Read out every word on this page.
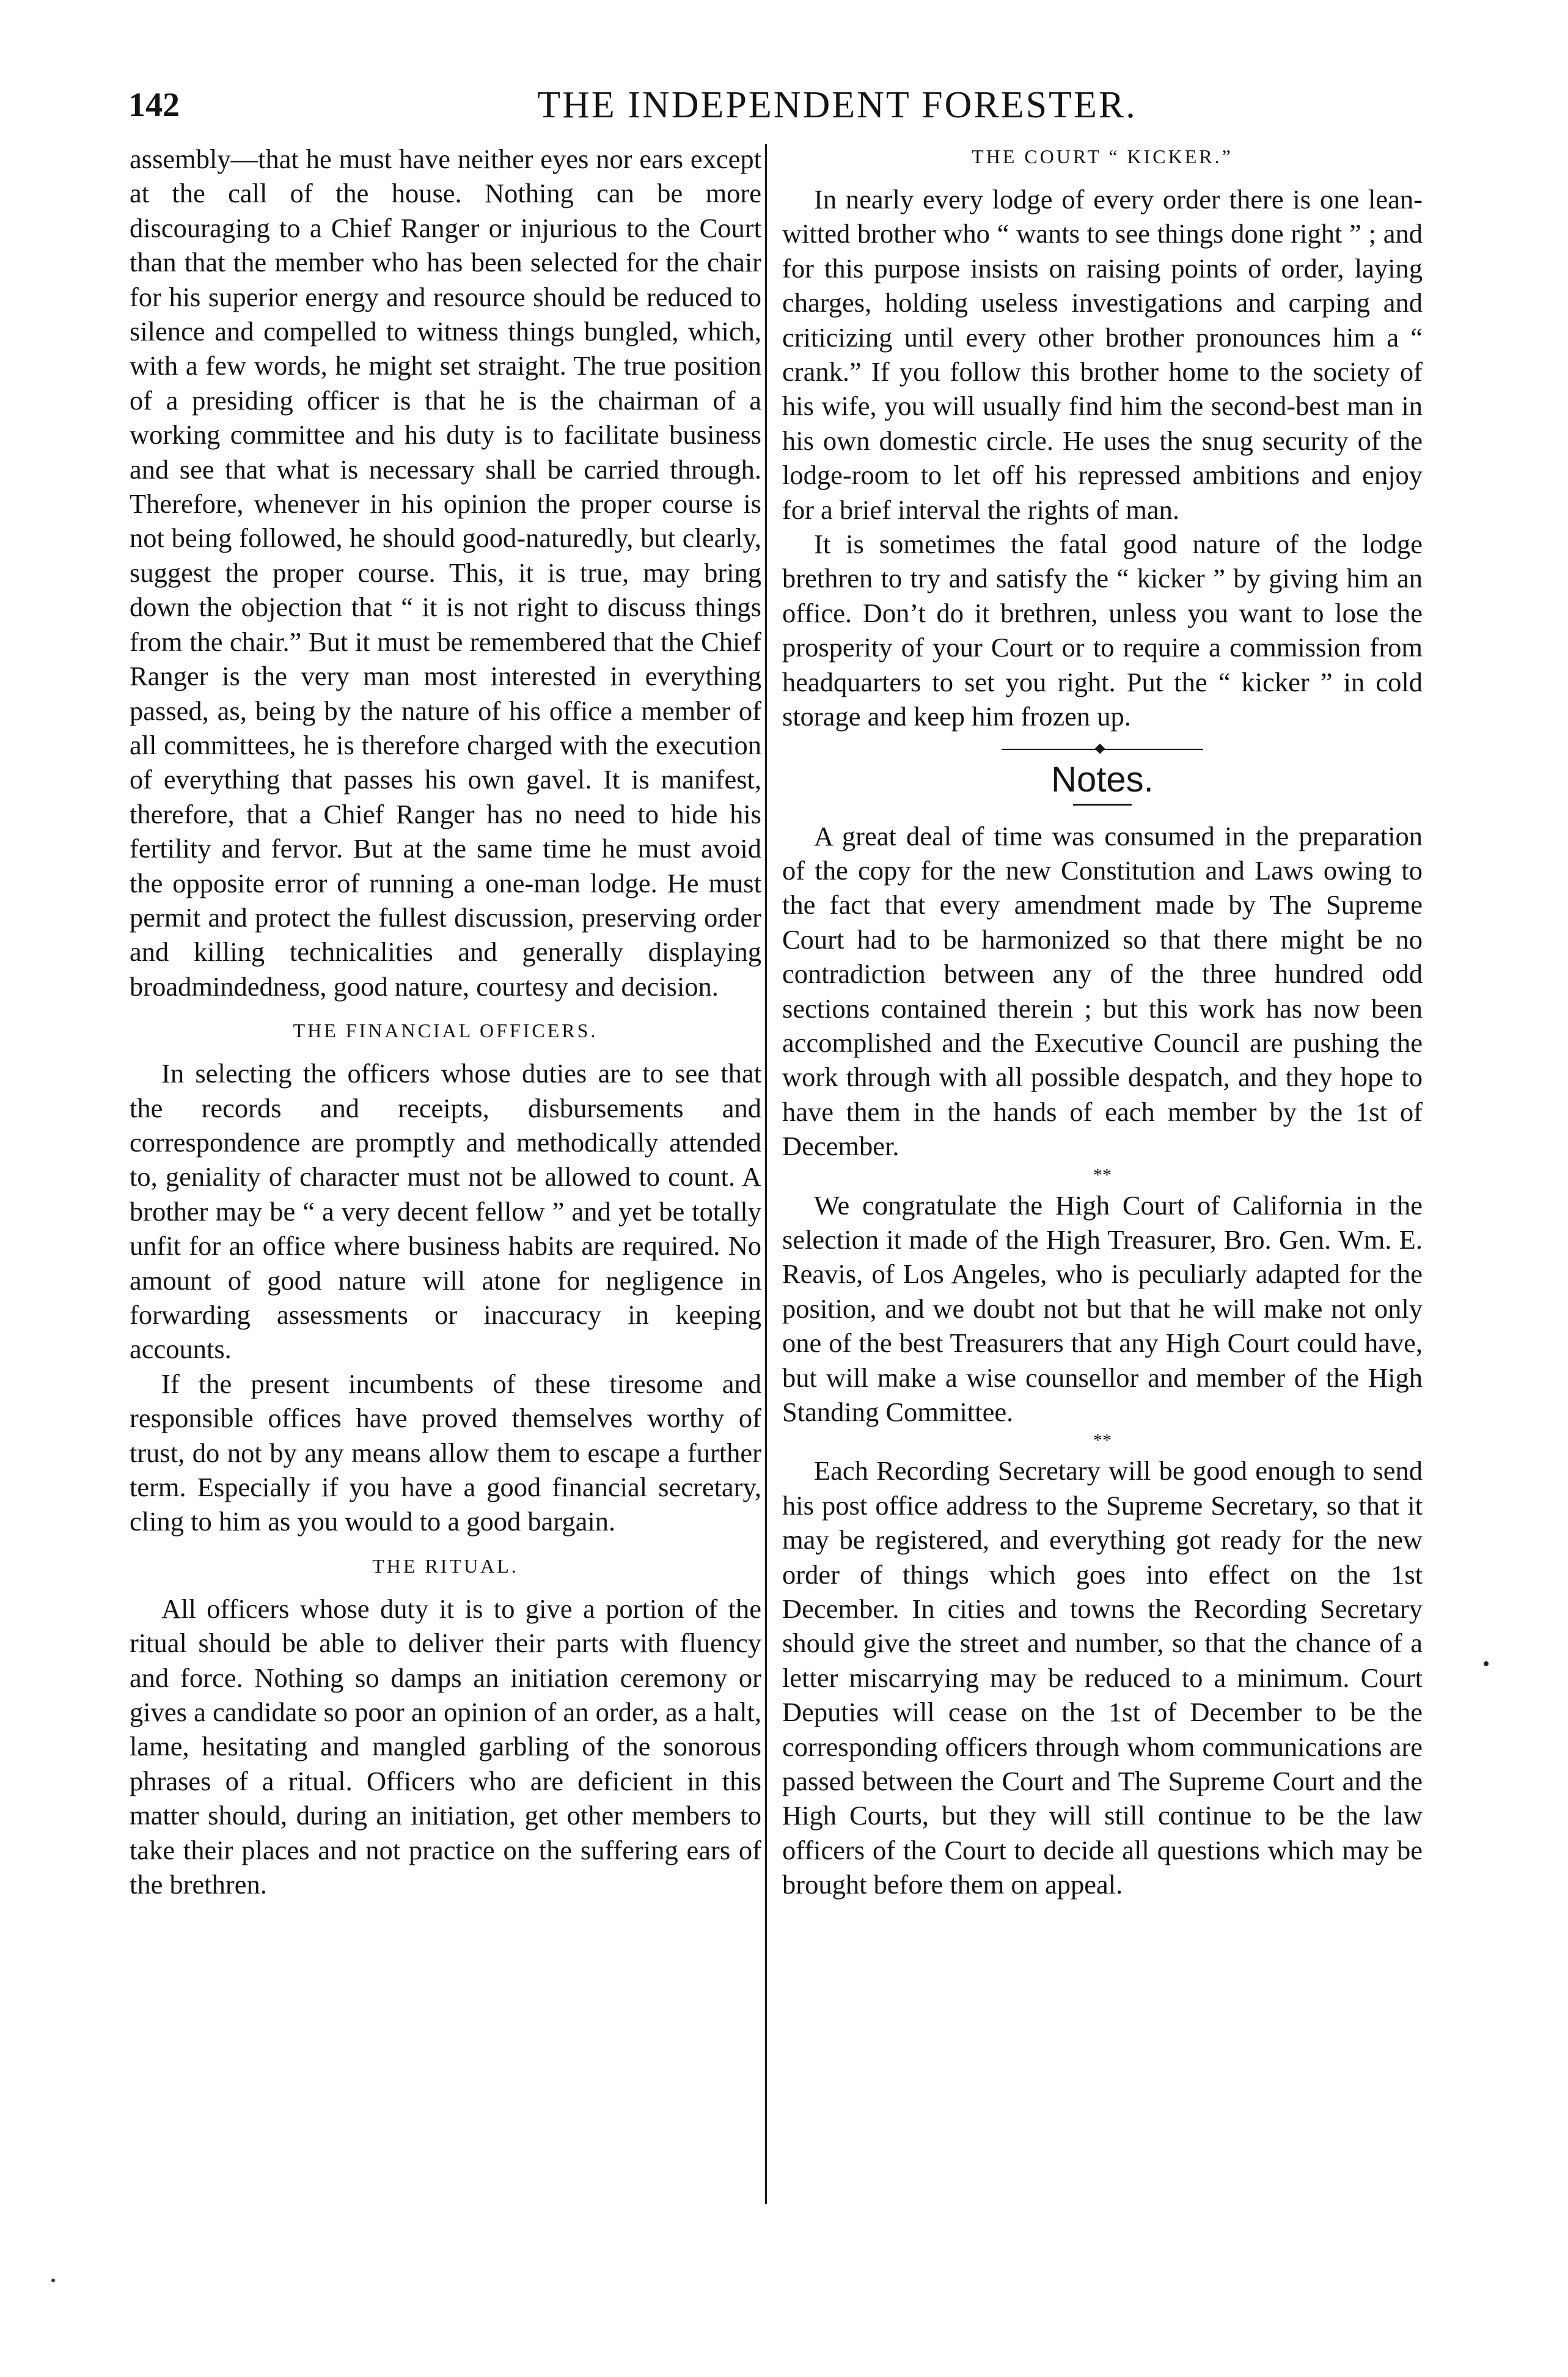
142	THE INDEPENDENT FORESTER.

assembly—that he must have neither eyes nor ears except at the call of the house. Nothing can be more discouraging to a Chief Ranger or injurious to the Court than that the member who has been selected for the chair for his superior energy and resource should be reduced to silence and compelled to witness things bungled, which, with a few words, he might set straight. The true position of a presiding officer is that he is the chairman of a working committee and his duty is to facilitate business and see that what is necessary shall be carried through. Therefore, whenever in his opinion the proper course is not being followed, he should good-naturedly, but clearly, suggest the proper course. This, it is true, may bring down the objection that “ it is not right to discuss things from the chair.” But it must be remembered that the Chief Ranger is the very man most interested in everything passed, as, being by the nature of his office a member of all committees, he is therefore charged with the execution of everything that passes his own gavel. It is manifest, therefore, that a Chief Ranger has no need to hide his fertility and fervor. But at the same time he must avoid the opposite error of running a one-man lodge. He must permit and protect the fullest discussion, preserving order and killing technicalities and generally displaying broadmindedness, good nature, courtesy and decision.

THE FINANCIAL OFFICERS.

In selecting the officers whose duties are to see that the records and receipts, disbursements and correspondence are promptly and methodically attended to, geniality of character must not be allowed to count. A brother may be “ a very decent fellow ” and yet be totally unfit for an office where business habits are required. No amount of good nature will atone for negligence in forwarding assessments or inaccuracy in keeping accounts.

If the present incumbents of these tiresome and responsible offices have proved themselves worthy of trust, do not by any means allow them to escape a further term. Especially if you have a good financial secretary, cling to him as you would to a good bargain.

THE RITUAL.

All officers whose duty it is to give a portion of the ritual should be able to deliver their parts with fluency and force. Nothing so damps an initiation ceremony or gives a candidate so poor an opinion of an order, as a halt, lame, hesitating and mangled garbling of the sonorous phrases of a ritual. Officers who are deficient in this matter should, during an initiation, get other members to take their places and not practice on the suffering ears of the brethren.

THE COURT “ KICKER.”

In nearly every lodge of every order there is one lean-witted brother who “ wants to see things done right ” ; and for this purpose insists on raising points of order, laying charges, holding useless investigations and carping and criticizing until every other brother pronounces him a “ crank.” If you follow this brother home to the society of his wife, you will usually find him the second-best man in his own domestic circle. He uses the snug security of the lodge-room to let off his repressed ambitions and enjoy for a brief interval the rights of man.

It is sometimes the fatal good nature of the lodge brethren to try and satisfy the “ kicker ” by giving him an office. Don’t do it brethren, unless you want to lose the prosperity of your Court or to require a commission from headquarters to set you right. Put the “ kicker ” in cold storage and keep him frozen up.

Notes.

A great deal of time was consumed in the preparation of the copy for the new Constitution and Laws owing to the fact that every amendment made by The Supreme Court had to be harmonized so that there might be no contradiction between any of the three hundred odd sections contained therein ; but this work has now been accomplished and the Executive Council are pushing the work through with all possible despatch, and they hope to have them in the hands of each member by the 1st of December.

**

We congratulate the High Court of California in the selection it made of the High Treasurer, Bro. Gen. Wm. E. Reavis, of Los Angeles, who is peculiarly adapted for the position, and we doubt not but that he will make not only one of the best Treasurers that any High Court could have, but will make a wise counsellor and member of the High Standing Committee.

**

Each Recording Secretary will be good enough to send his post office address to the Supreme Secretary, so that it may be registered, and everything got ready for the new order of things which goes into effect on the 1st December. In cities and towns the Recording Secretary should give the street and number, so that the chance of a letter miscarrying may be reduced to a minimum. Court Deputies will cease on the 1st of December to be the corresponding officers through whom communications are passed between the Court and The Supreme Court and the High Courts, but they will still continue to be the law officers of the Court to decide all questions which may be brought before them on appeal.
